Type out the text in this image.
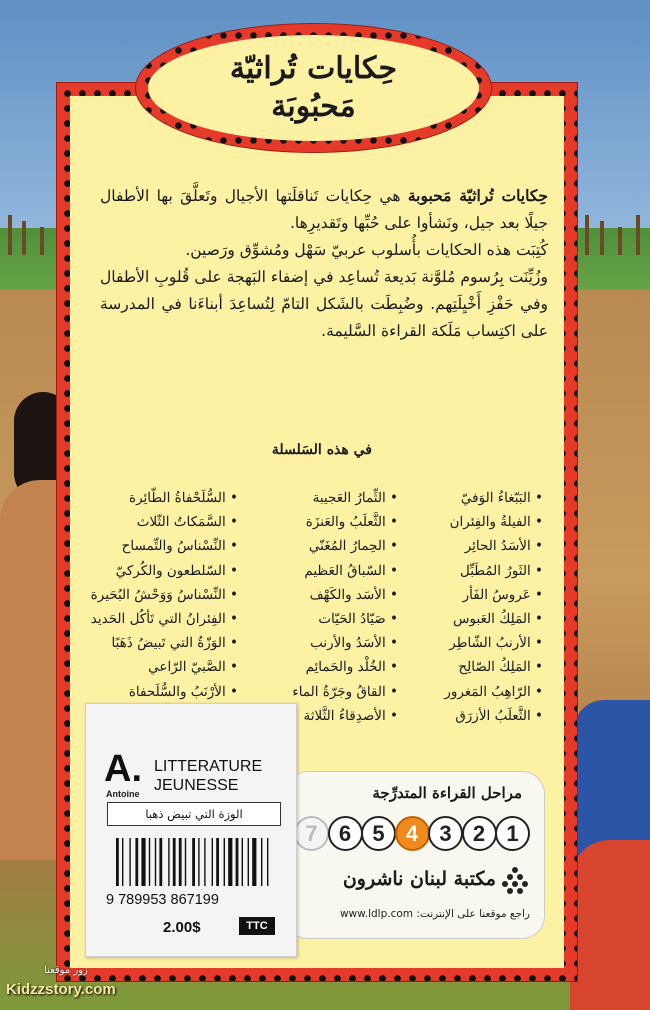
حِكايات تُراثيّة
مَحبُوبَة

حِكايات تُراثيّة مَحبوبة هي حِكايات تَناقلَتها الأجيال وتَعلَّقَ بها الأطفال جيلًا بعد جيل، ونَشأوا على حُبِّها وتَقديرِها.

كُتِبَت هذه الحكايات بأُسلوب عربيّ سَهْل ومُشوِّق ورَصين.

وزُيِّنَت بِرُسوم مُلوَّنة بَديعة تُساعِد في إضفاء البَهجة على قُلوبِ الأطفال وفي حَفْزِ أَخْيِلَتِهم. وضُبِطَت بالشَكل التامّ لِتُساعِدَ أبناءَنا في المدرسة على اكتِساب مَلَكة القراءة السَّليمة.

في هذه السَلسلة
• البَبّغاءُ الوَفيّ
• الفيلةُ والفِئران
• الأسَدُ الحائِر
• الثَورُ المُطَبِّل
• عَروسُ الفَأر
• المَلِكُ العَبوس
• الأرنبُ الشّاطِر
• المَلِكُ الصّالِح
• الرّاهِبُ المَغرور
• الثَّعلَبُ الأزرَق
• الثِّمارُ العَجيبة
• الثَّعلَبُ والعَنزَة
• الحِمارُ المُغَنّي
• السّباقُ العَظيم
• الأسَد والكَهْف
• صَيّادُ الحَيّات
• الأسَدُ والأرنب
• الخُلْد والحَمائِم
• القاقُ وجَرّةُ الماء
• الأصدِقاءُ الثَّلاثة
• السُّلَحْفاةُ الطّائِرة
• السَّمَكاتُ الثّلاث
• النِّسْناسُ والتِّمساح
• السّلطعون والكُركيّ
• النِّسْناسُ وَوَحْشُ البُحَيرة
• الفِئرانُ التي تَأكُل الحَديد
• الوَزّةُ التي تَبيضُ ذَهَبًا
• الصَّبيّ الرّاعي
• الأرْنَبُ والسُّلَحفاة
مراحل القراءة المتدرِّجة
7 6 5 4 3 2 1
مكتبة لبنان ناشرون
راجع موقعنا على الإنترنت: www.ldlp.com
A.
Antoine
LITTERATURE
JEUNESSE
الوزة التي تبيض ذهبا
9 789953 867199
2.00$	TTC
زور موقعنا
Kidzzstory.com
